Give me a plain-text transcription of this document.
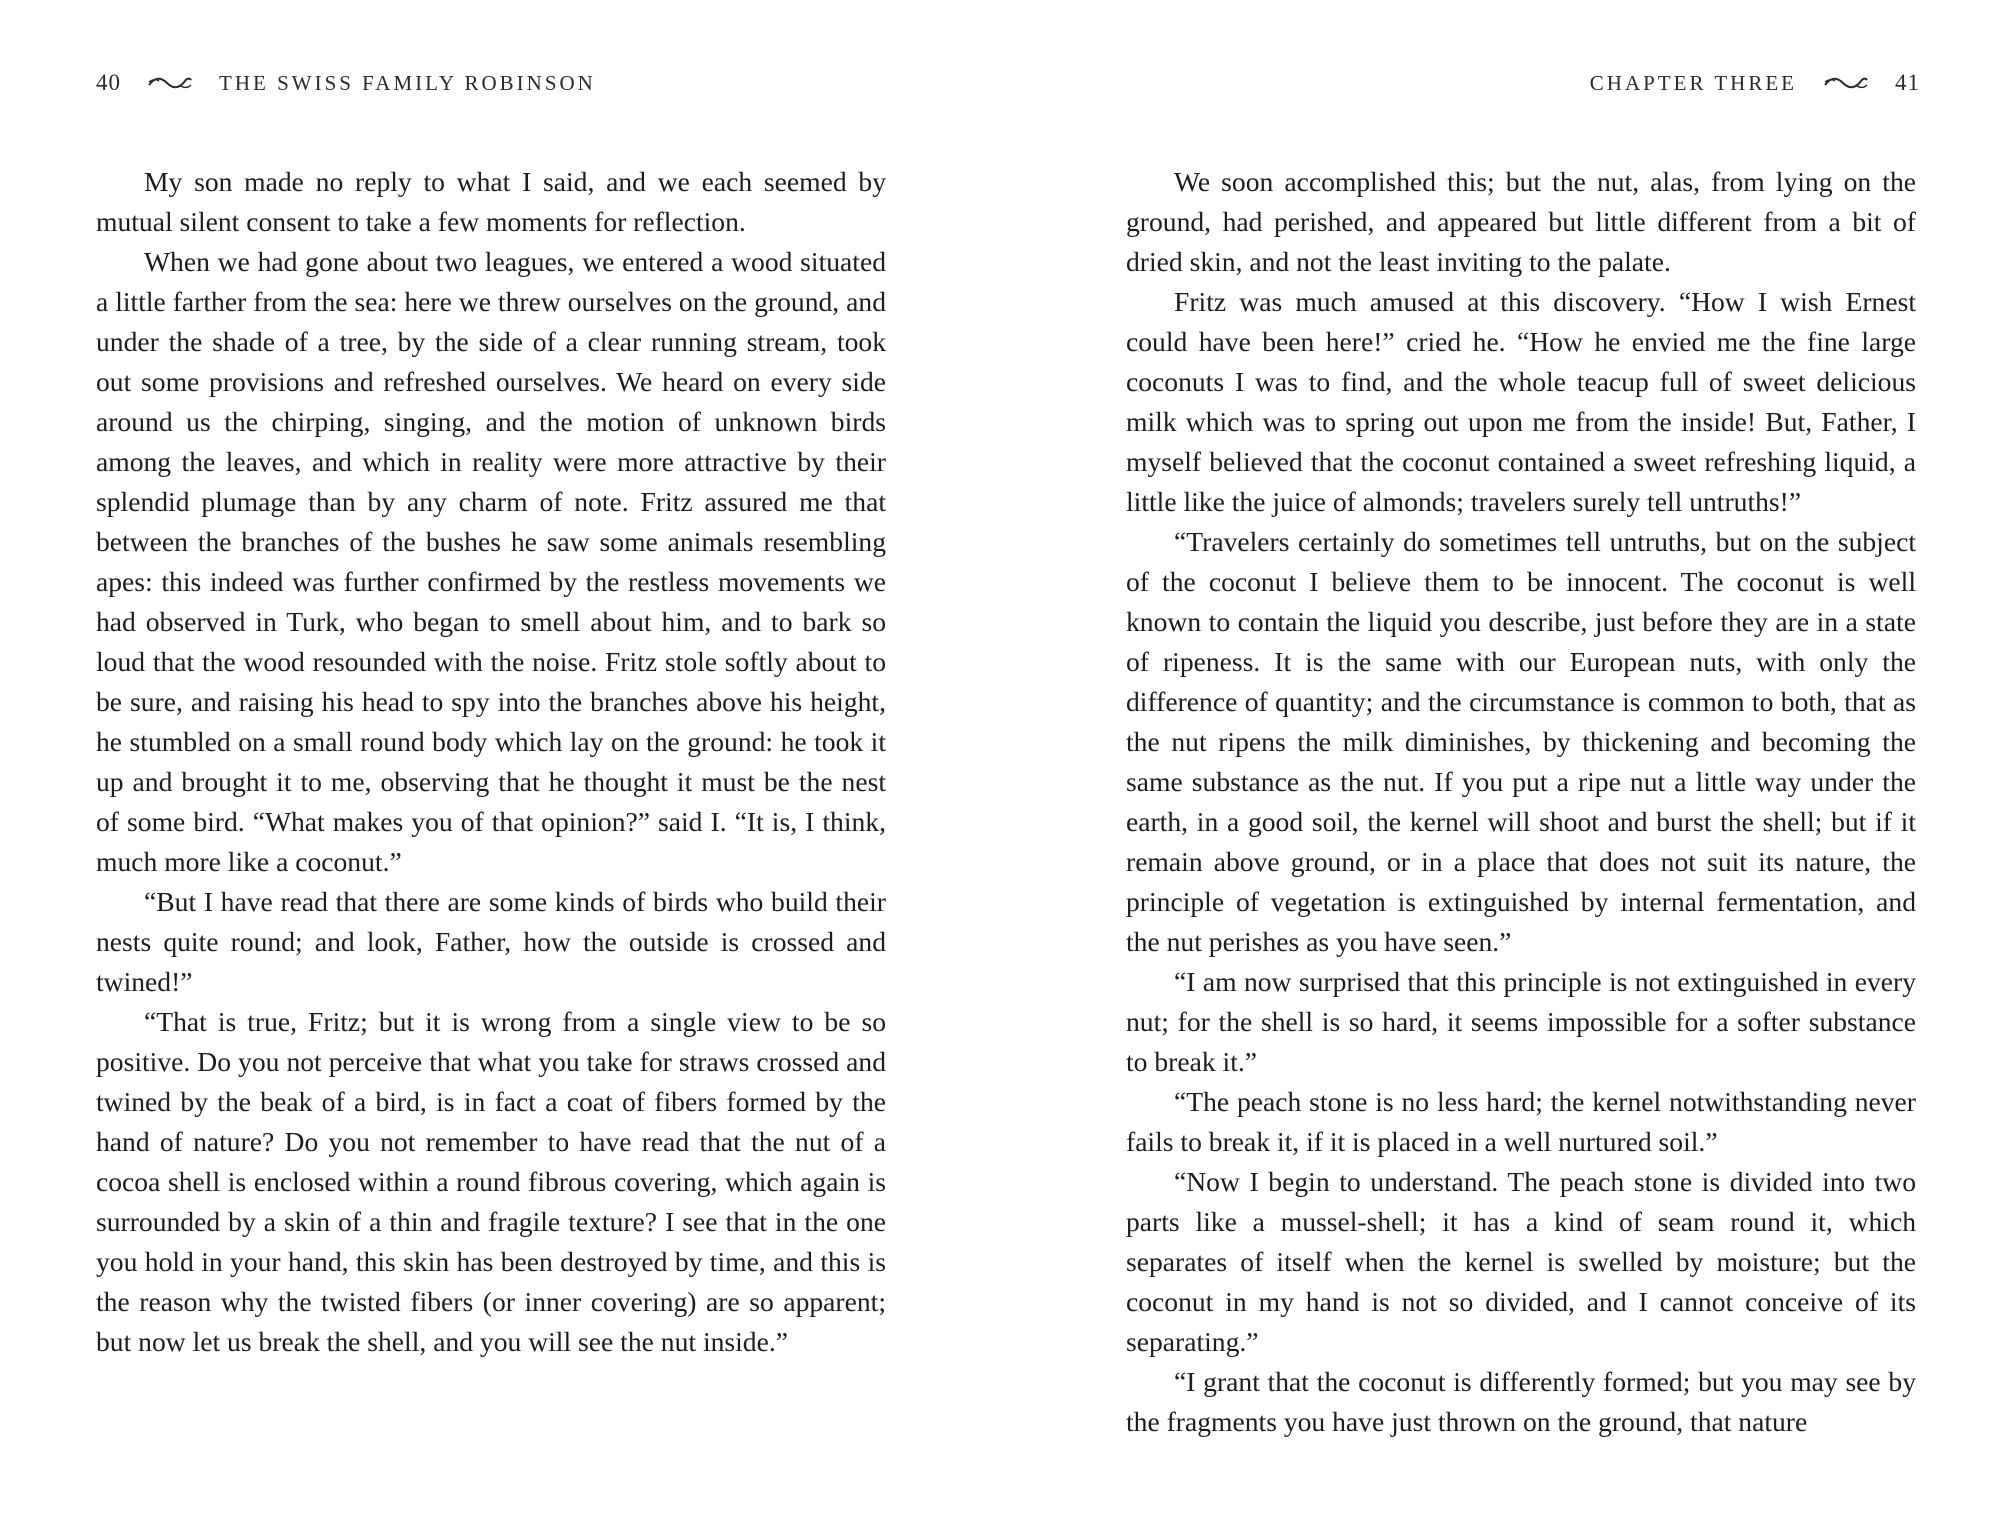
40	THE SWISS FAMILY ROBINSON

My son made no reply to what I said, and we each seemed by mutual silent consent to take a few moments for reflection.

When we had gone about two leagues, we entered a wood situated a little farther from the sea: here we threw ourselves on the ground, and under the shade of a tree, by the side of a clear running stream, took out some provisions and refreshed ourselves. We heard on every side around us the chirping, singing, and the motion of unknown birds among the leaves, and which in reality were more attractive by their splendid plumage than by any charm of note. Fritz assured me that between the branches of the bushes he saw some animals resembling apes: this indeed was further confirmed by the restless movements we had observed in Turk, who began to smell about him, and to bark so loud that the wood resounded with the noise. Fritz stole softly about to be sure, and raising his head to spy into the branches above his height, he stumbled on a small round body which lay on the ground: he took it up and brought it to me, observing that he thought it must be the nest of some bird. “What makes you of that opinion?” said I. “It is, I think, much more like a coconut.”

“But I have read that there are some kinds of birds who build their nests quite round; and look, Father, how the outside is crossed and twined!”

“That is true, Fritz; but it is wrong from a single view to be so positive. Do you not perceive that what you take for straws crossed and twined by the beak of a bird, is in fact a coat of fibers formed by the hand of nature? Do you not remember to have read that the nut of a cocoa shell is enclosed within a round fibrous covering, which again is surrounded by a skin of a thin and fragile texture? I see that in the one you hold in your hand, this skin has been destroyed by time, and this is the reason why the twisted fibers (or inner covering) are so apparent; but now let us break the shell, and you will see the nut inside.”

CHAPTER THREE	41

We soon accomplished this; but the nut, alas, from lying on the ground, had perished, and appeared but little different from a bit of dried skin, and not the least inviting to the palate.

Fritz was much amused at this discovery. “How I wish Ernest could have been here!” cried he. “How he envied me the fine large coconuts I was to find, and the whole teacup full of sweet delicious milk which was to spring out upon me from the inside! But, Father, I myself believed that the coconut contained a sweet refreshing liquid, a little like the juice of almonds; travelers surely tell untruths!”

“Travelers certainly do sometimes tell untruths, but on the subject of the coconut I believe them to be innocent. The coconut is well known to contain the liquid you describe, just before they are in a state of ripeness. It is the same with our European nuts, with only the difference of quantity; and the circumstance is common to both, that as the nut ripens the milk diminishes, by thickening and becoming the same substance as the nut. If you put a ripe nut a little way under the earth, in a good soil, the kernel will shoot and burst the shell; but if it remain above ground, or in a place that does not suit its nature, the principle of vegetation is extinguished by internal fermentation, and the nut perishes as you have seen.”

“I am now surprised that this principle is not extinguished in every nut; for the shell is so hard, it seems impossible for a softer substance to break it.”

“The peach stone is no less hard; the kernel notwithstanding never fails to break it, if it is placed in a well nurtured soil.”

“Now I begin to understand. The peach stone is divided into two parts like a mussel-shell; it has a kind of seam round it, which separates of itself when the kernel is swelled by moisture; but the coconut in my hand is not so divided, and I cannot conceive of its separating.”

“I grant that the coconut is differently formed; but you may see by the fragments you have just thrown on the ground, that nature
